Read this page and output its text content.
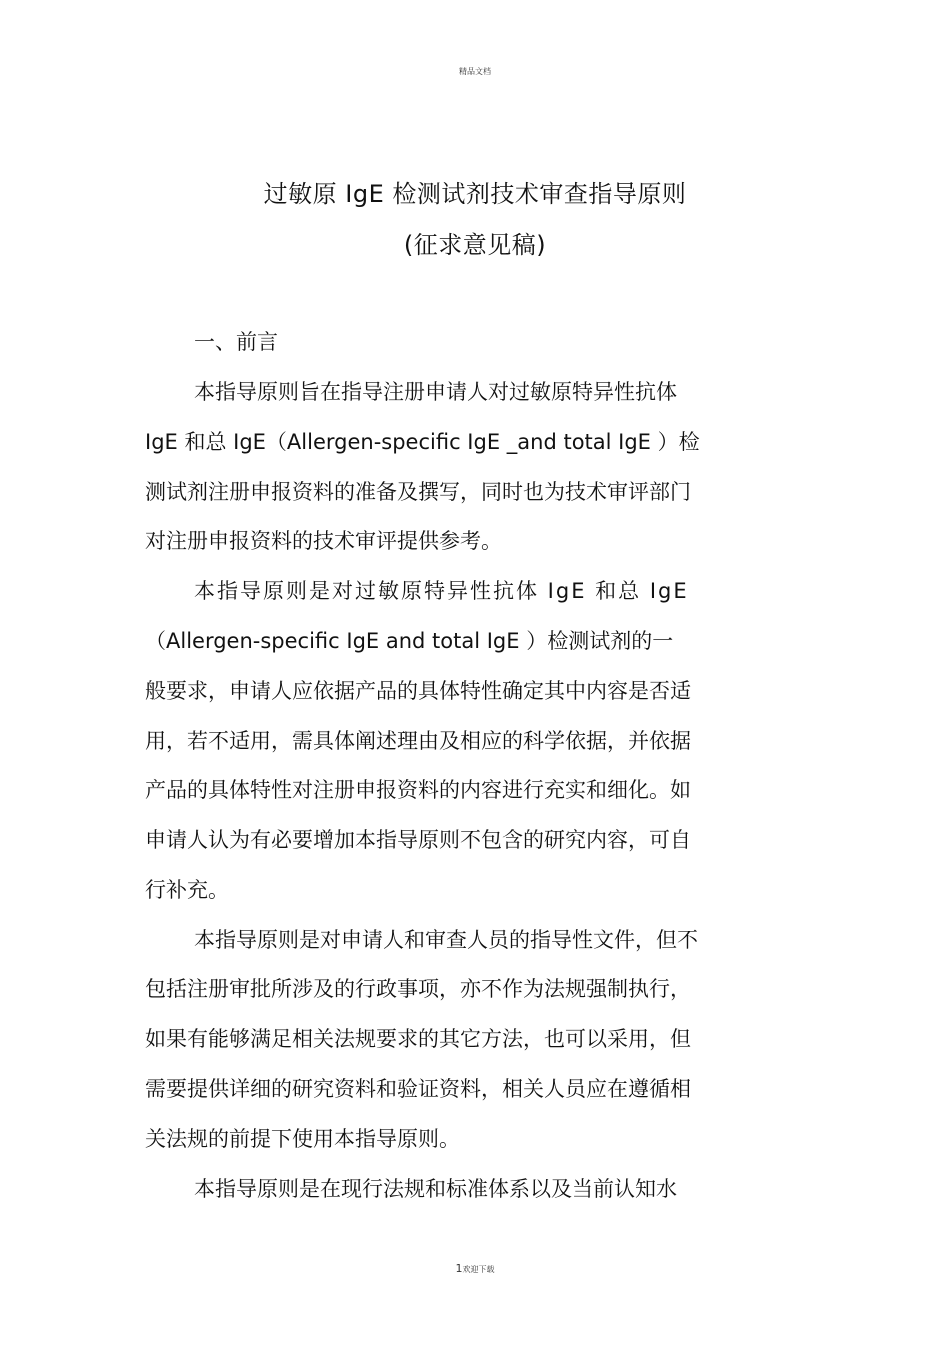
精品文档
过敏原 IgE 检测试剂技术审查指导原则
(征求意见稿)
一、前言
本指导原则旨在指导注册申请人对过敏原特异性抗体
IgE 和总 IgE（Allergen-specific IgE _and total IgE ）检
测试剂注册申报资料的准备及撰写，同时也为技术审评部门
对注册申报资料的技术审评提供参考。
本指导原则是对过敏原特异性抗体 IgE 和总 IgE
（Allergen-specific IgE and total IgE ）检测试剂的一
般要求，申请人应依据产品的具体特性确定其中内容是否适
用，若不适用，需具体阐述理由及相应的科学依据，并依据
产品的具体特性对注册申报资料的内容进行充实和细化。如
申请人认为有必要增加本指导原则不包含的研究内容，可自
行补充。
本指导原则是对申请人和审查人员的指导性文件，但不
包括注册审批所涉及的行政事项，亦不作为法规强制执行，
如果有能够满足相关法规要求的其它方法，也可以采用，但
需要提供详细的研究资料和验证资料，相关人员应在遵循相
关法规的前提下使用本指导原则。
本指导原则是在现行法规和标准体系以及当前认知水
1欢迎下载
